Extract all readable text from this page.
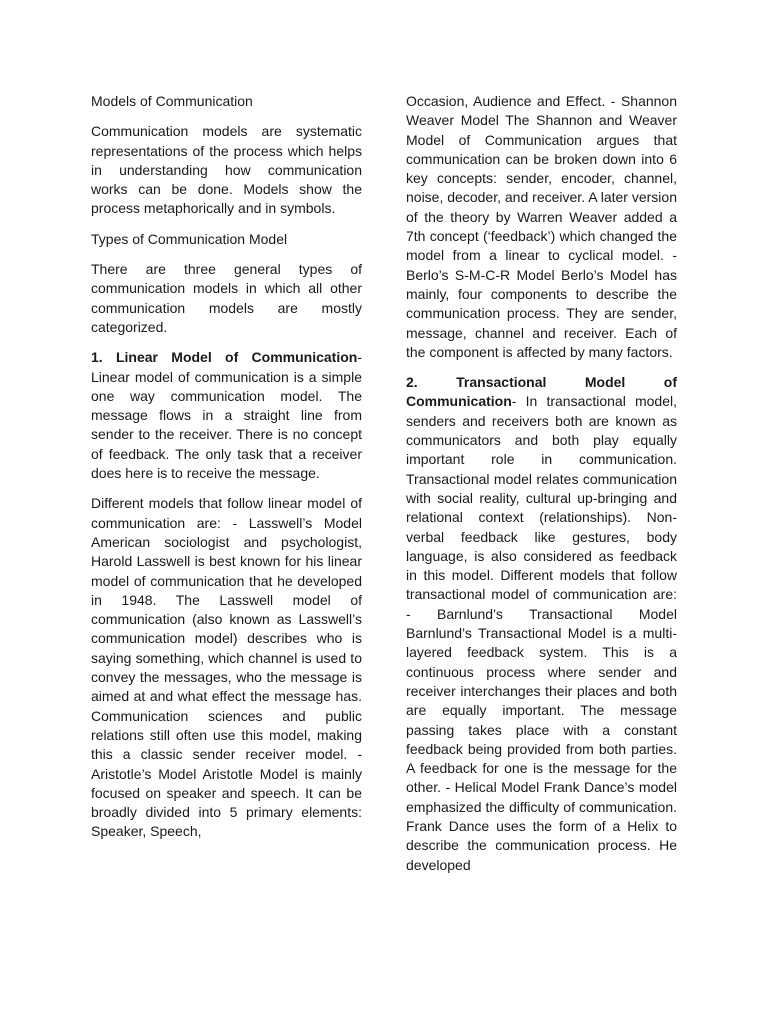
Models of Communication

Communication models are systematic representations of the process which helps in understanding how communication works can be done. Models show the process metaphorically and in symbols.

Types of Communication Model

There are three general types of communication models in which all other communication models are mostly categorized.

1. Linear Model of Communication- Linear model of communication is a simple one way communication model. The message flows in a straight line from sender to the receiver. There is no concept of feedback. The only task that a receiver does here is to receive the message.

Different models that follow linear model of communication are: - Lasswell’s Model American sociologist and psychologist, Harold Lasswell is best known for his linear model of communication that he developed in 1948. The Lasswell model of communication (also known as Lasswell’s communication model) describes who is saying something, which channel is used to convey the messages, who the message is aimed at and what effect the message has. Communication sciences and public relations still often use this model, making this a classic sender receiver model. - Aristotle’s Model Aristotle Model is mainly focused on speaker and speech. It can be broadly divided into 5 primary elements: Speaker, Speech,

Occasion, Audience and Effect. - Shannon Weaver Model The Shannon and Weaver Model of Communication argues that communication can be broken down into 6 key concepts: sender, encoder, channel, noise, decoder, and receiver. A later version of the theory by Warren Weaver added a 7th concept (‘feedback’) which changed the model from a linear to cyclical model. - Berlo’s S-M-C-R Model Berlo’s Model has mainly, four components to describe the communication process. They are sender, message, channel and receiver. Each of the component is affected by many factors.

2. Transactional Model of Communication- In transactional model, senders and receivers both are known as communicators and both play equally important role in communication. Transactional model relates communication with social reality, cultural up-bringing and relational context (relationships). Non-verbal feedback like gestures, body language, is also considered as feedback in this model. Different models that follow transactional model of communication are: - Barnlund’s Transactional Model Barnlund’s Transactional Model is a multi-layered feedback system. This is a continuous process where sender and receiver interchanges their places and both are equally important. The message passing takes place with a constant feedback being provided from both parties. A feedback for one is the message for the other. - Helical Model Frank Dance’s model emphasized the difficulty of communication. Frank Dance uses the form of a Helix to describe the communication process. He developed
